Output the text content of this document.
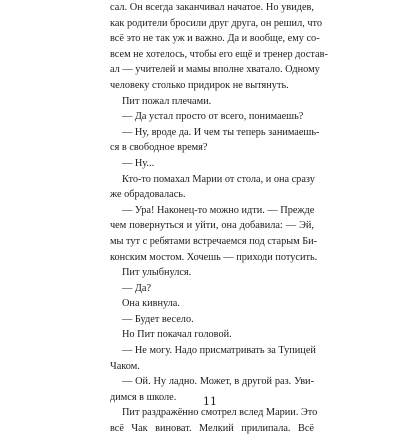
сал. Он всегда заканчивал начатое. Но увидев,
как родители бросили друг друга, он решил, что
всё это не так уж и важно. Да и вообще, ему со-
всем не хотелось, чтобы его ещё и тренер достав-
ал — учителей и мамы вполне хватало. Одному
человеку столько придирок не вытянуть.
Пит пожал плечами.
— Да устал просто от всего, понимаешь?
— Ну, вроде да. И чем ты теперь занимаешь-
ся в свободное время?
— Ну...
Кто-то помахал Марии от стола, и она сразу
же обрадовалась.
— Ура! Наконец-то можно идти. — Прежде
чем повернуться и уйти, она добавила: — Эй,
мы тут с ребятами встречаемся под старым Би-
конским мостом. Хочешь — приходи потусить.
Пит улыбнулся.
— Да?
Она кивнула.
— Будет весело.
Но Пит покачал головой.
— Не могу. Надо присматривать за Тупицей
Чаком.
— Ой. Ну ладно. Может, в другой раз. Уви-
димся в школе.
Пит раздражённо смотрел вслед Марии. Это
всё Чак виноват. Мелкий прилипала. Всё
11
